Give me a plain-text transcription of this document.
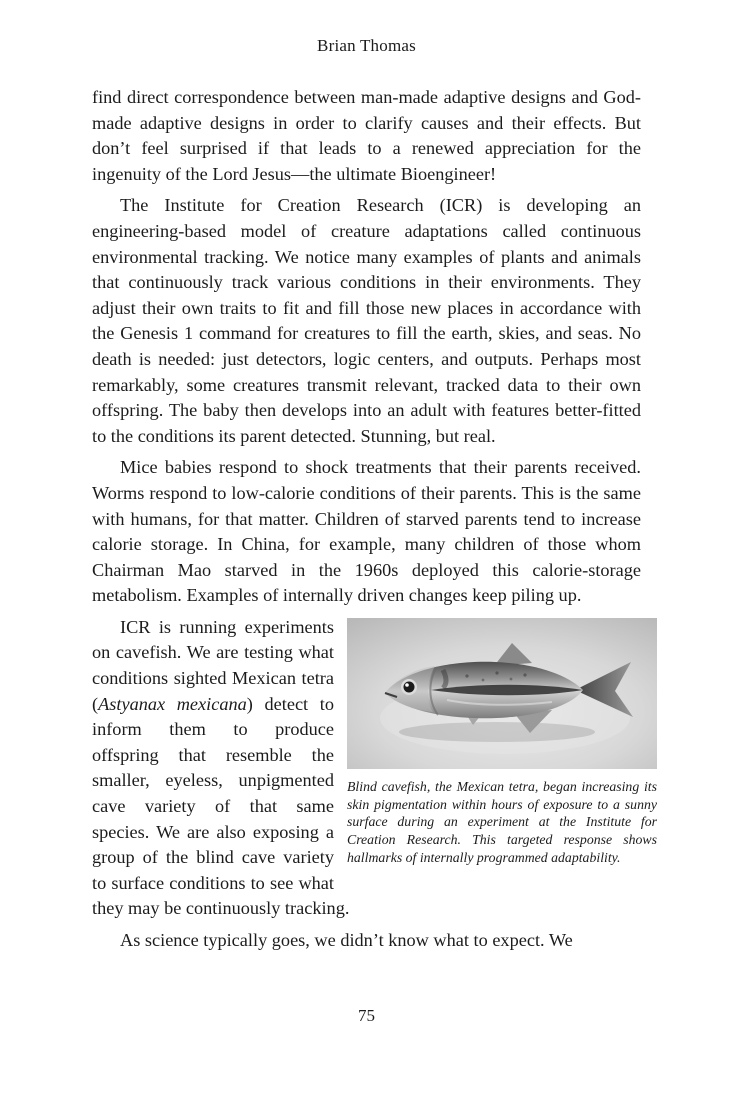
Brian Thomas

find direct correspondence between man-made adaptive designs and God-made adaptive designs in order to clarify causes and their effects. But don’t feel surprised if that leads to a renewed appreciation for the ingenuity of the Lord Jesus—the ultimate Bioengineer!

The Institute for Creation Research (ICR) is developing an engineering-based model of creature adaptations called continuous environmental tracking. We notice many examples of plants and animals that continuously track various conditions in their environments. They adjust their own traits to fit and fill those new places in accordance with the Genesis 1 command for creatures to fill the earth, skies, and seas. No death is needed: just detectors, logic centers, and outputs. Perhaps most remarkably, some creatures transmit relevant, tracked data to their own offspring. The baby then develops into an adult with features better-fitted to the conditions its parent detected. Stunning, but real.

Mice babies respond to shock treatments that their parents received. Worms respond to low-calorie conditions of their parents. This is the same with humans, for that matter. Children of starved parents tend to increase calorie storage. In China, for example, many children of those whom Chairman Mao starved in the 1960s deployed this calorie-storage metabolism. Examples of internally driven changes keep piling up.

Blind cavefish, the Mexican tetra, began increasing its skin pigmentation within hours of exposure to a sunny surface during an experiment at the Institute for Creation Research. This targeted response shows hallmarks of internally programmed adaptability.
ICR is running experiments on cavefish. We are testing what conditions sighted Mexican tetra (Astyanax mexicana) detect to inform them to produce offspring that resemble the smaller, eyeless, unpigmented cave variety of that same species. We are also exposing a group of the blind cave variety to surface conditions to see what they may be continuously tracking.

As science typically goes, we didn’t know what to expect. We

75
